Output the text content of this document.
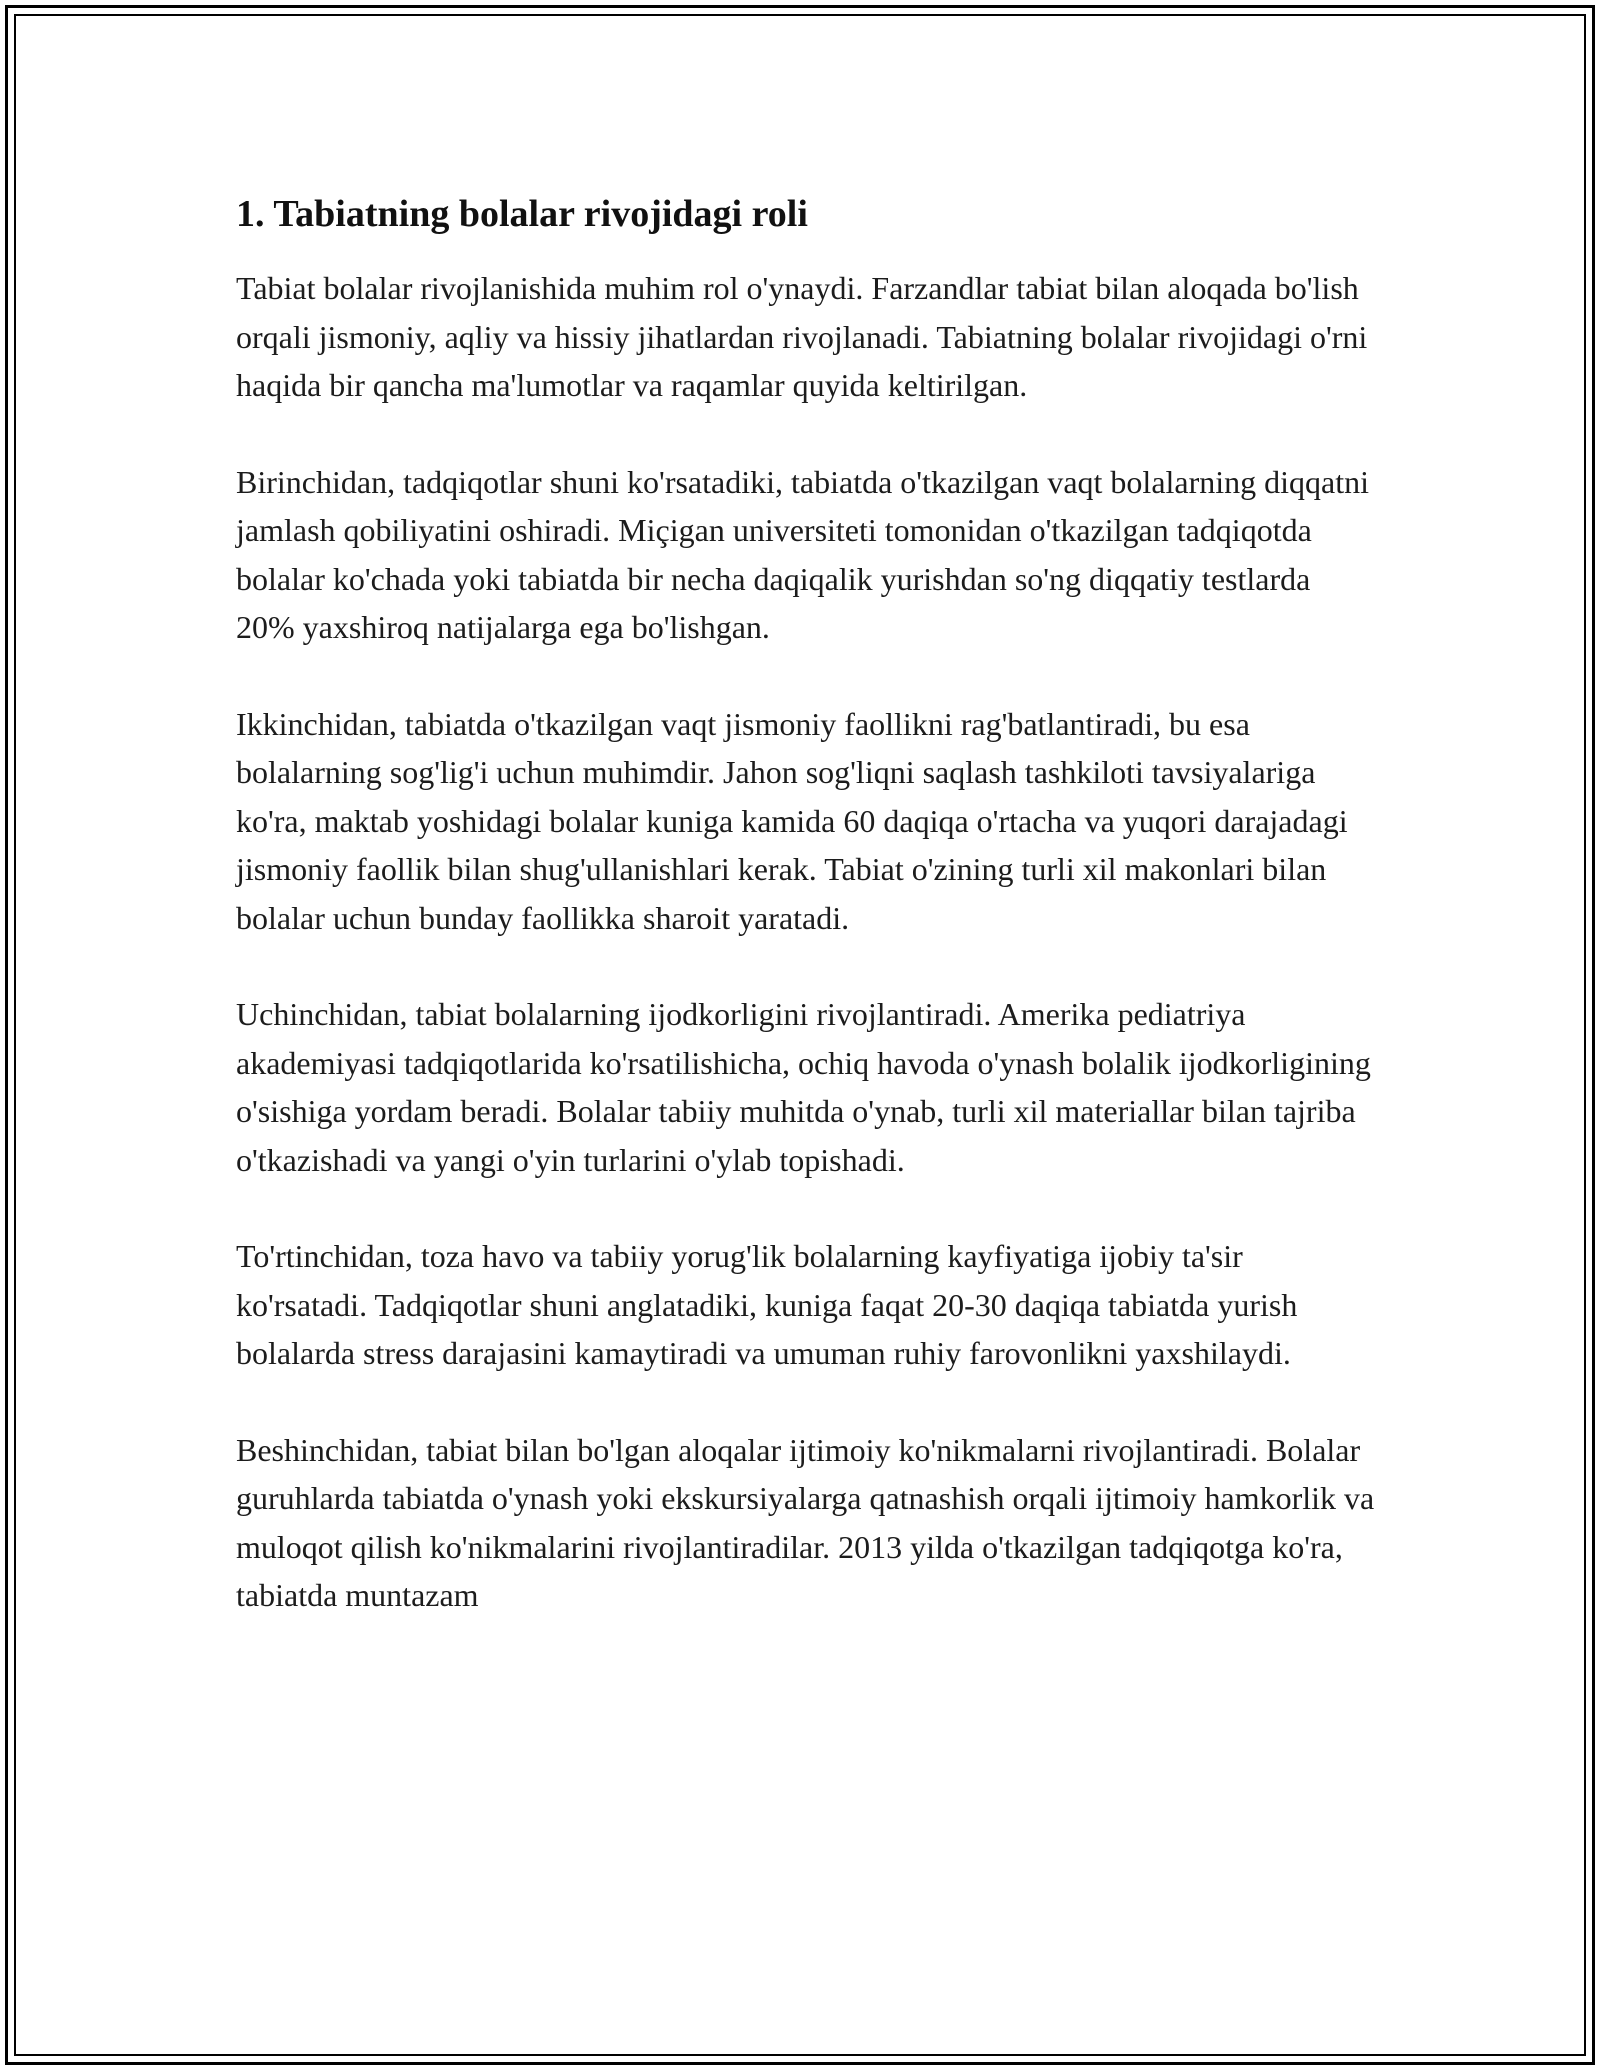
1. Tabiatning bolalar rivojidagi roli

Tabiat bolalar rivojlanishida muhim rol o'ynaydi. Farzandlar tabiat bilan aloqada bo'lish orqali jismoniy, aqliy va hissiy jihatlardan rivojlanadi. Tabiatning bolalar rivojidagi o'rni haqida bir qancha ma'lumotlar va raqamlar quyida keltirilgan.

Birinchidan, tadqiqotlar shuni ko'rsatadiki, tabiatda o'tkazilgan vaqt bolalarning diqqatni jamlash qobiliyatini oshiradi. Miçigan universiteti tomonidan o'tkazilgan tadqiqotda bolalar ko'chada yoki tabiatda bir necha daqiqalik yurishdan so'ng diqqatiy testlarda 20% yaxshiroq natijalarga ega bo'lishgan.

Ikkinchidan, tabiatda o'tkazilgan vaqt jismoniy faollikni rag'batlantiradi, bu esa bolalarning sog'lig'i uchun muhimdir. Jahon sog'liqni saqlash tashkiloti tavsiyalariga ko'ra, maktab yoshidagi bolalar kuniga kamida 60 daqiqa o'rtacha va yuqori darajadagi jismoniy faollik bilan shug'ullanishlari kerak. Tabiat o'zining turli xil makonlari bilan bolalar uchun bunday faollikka sharoit yaratadi.

Uchinchidan, tabiat bolalarning ijodkorligini rivojlantiradi. Amerika pediatriya akademiyasi tadqiqotlarida ko'rsatilishicha, ochiq havoda o'ynash bolalik ijodkorligining o'sishiga yordam beradi. Bolalar tabiiy muhitda o'ynab, turli xil materiallar bilan tajriba o'tkazishadi va yangi o'yin turlarini o'ylab topishadi.

To'rtinchidan, toza havo va tabiiy yorug'lik bolalarning kayfiyatiga ijobiy ta'sir ko'rsatadi. Tadqiqotlar shuni anglatadiki, kuniga faqat 20-30 daqiqa tabiatda yurish bolalarda stress darajasini kamaytiradi va umuman ruhiy farovonlikni yaxshilaydi.

Beshinchidan, tabiat bilan bo'lgan aloqalar ijtimoiy ko'nikmalarni rivojlantiradi. Bolalar guruhlarda tabiatda o'ynash yoki ekskursiyalarga qatnashish orqali ijtimoiy hamkorlik va muloqot qilish ko'nikmalarini rivojlantiradilar. 2013 yilda o'tkazilgan tadqiqotga ko'ra, tabiatda muntazam
